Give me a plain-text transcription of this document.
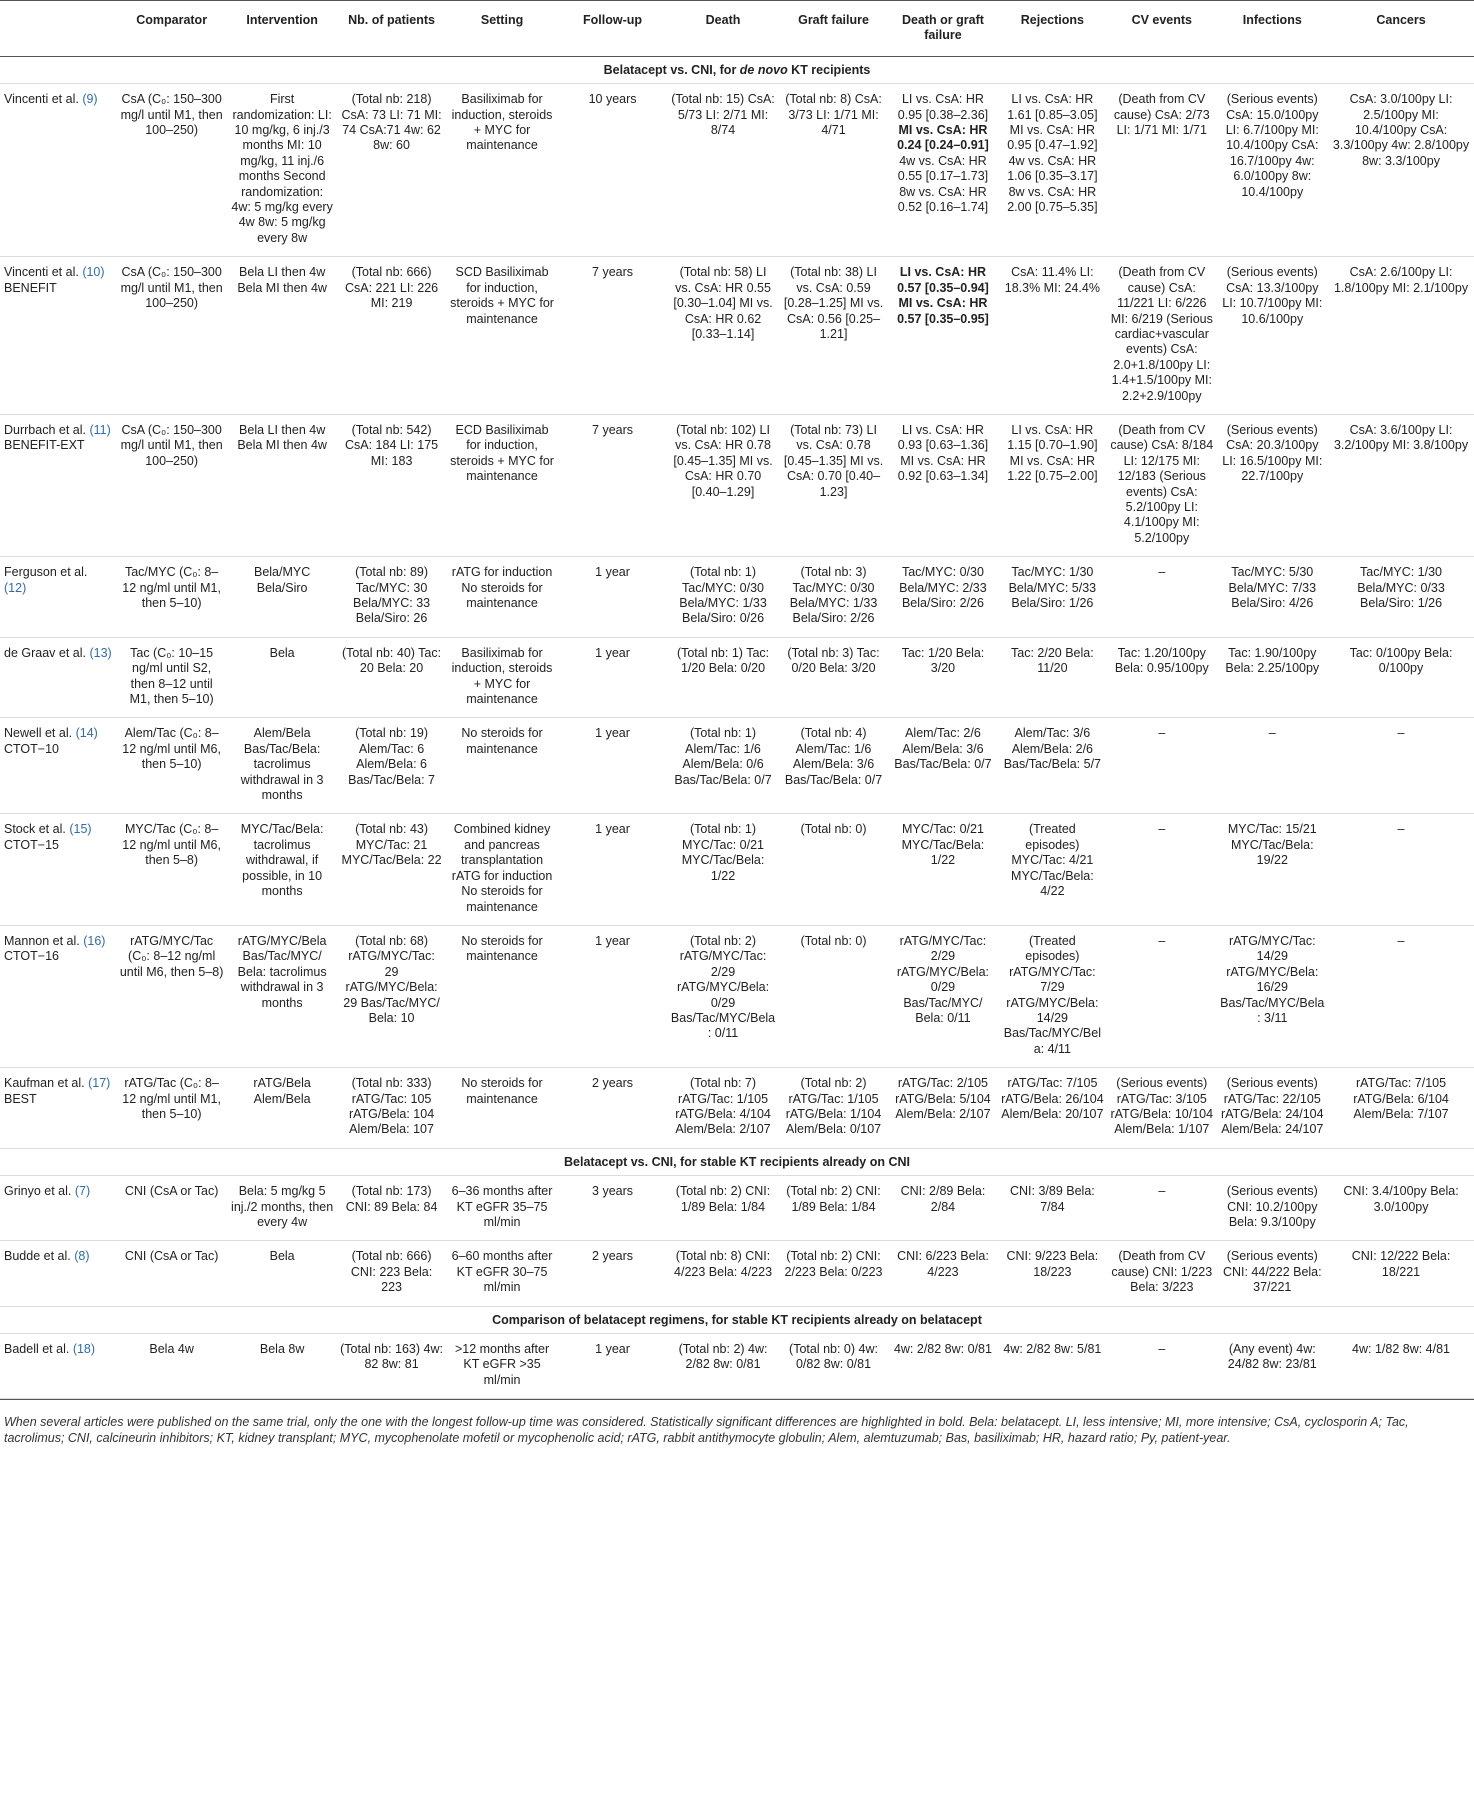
	Comparator	Intervention	Nb. of patients	Setting	Follow-up	Death	Graft failure	Death or graft failure	Rejections	CV events	Infections	Cancers
Belatacept vs. CNI, for de novo KT recipients												
Vincenti et al. (9)	CsA (C₀: 150–300 mg/l until M1, then 100–250)	First randomization: LI: 10 mg/kg, 6 inj./3 months MI: 10 mg/kg, 11 inj./6 months Second randomization: 4w: 5 mg/kg every 4w 8w: 5 mg/kg every 8w	(Total nb: 218) CsA: 73 LI: 71 MI: 74 CsA:71 4w: 62 8w: 60	Basiliximab for induction, steroids + MYC for maintenance	10 years	(Total nb: 15) CsA: 5/73 LI: 2/71 MI: 8/74	(Total nb: 8) CsA: 3/73 LI: 1/71 MI: 4/71	LI vs. CsA: HR 0.95 [0.38–2.36] MI vs. CsA: HR 0.24 [0.24–0.91] 4w vs. CsA: HR 0.55 [0.17–1.73] 8w vs. CsA: HR 0.52 [0.16–1.74]	LI vs. CsA: HR 1.61 [0.85–3.05] MI vs. CsA: HR 0.95 [0.47–1.92] 4w vs. CsA: HR 1.06 [0.35–3.17] 8w vs. CsA: HR 2.00 [0.75–5.35]	(Death from CV cause) CsA: 2/73 LI: 1/71 MI: 1/71	(Serious events) CsA: 15.0/100py LI: 6.7/100py MI: 10.4/100py CsA: 16.7/100py 4w: 6.0/100py 8w: 10.4/100py	CsA: 3.0/100py LI: 2.5/100py MI: 10.4/100py CsA: 3.3/100py 4w: 2.8/100py 8w: 3.3/100py
Vincenti et al. (10)
BENEFIT	CsA (C₀: 150–300 mg/l until M1, then 100–250)	Bela LI then 4w Bela MI then 4w	(Total nb: 666) CsA: 221 LI: 226 MI: 219	SCD Basiliximab for induction, steroids + MYC for maintenance	7 years	(Total nb: 58) LI vs. CsA: HR 0.55 [0.30–1.04] MI vs. CsA: HR 0.62 [0.33–1.14]	(Total nb: 38) LI vs. CsA: 0.59 [0.28–1.25] MI vs. CsA: 0.56 [0.25–1.21]	LI vs. CsA: HR 0.57 [0.35–0.94] MI vs. CsA: HR 0.57 [0.35–0.95]	CsA: 11.4% LI: 18.3% MI: 24.4%	(Death from CV cause) CsA: 11/221 LI: 6/226 MI: 6/219 (Serious cardiac+vascular events) CsA: 2.0+1.8/100py LI: 1.4+1.5/100py MI: 2.2+2.9/100py	(Serious events) CsA: 13.3/100py LI: 10.7/100py MI: 10.6/100py	CsA: 2.6/100py LI: 1.8/100py MI: 2.1/100py
Durrbach et al. (11)
BENEFIT-EXT	CsA (C₀: 150–300 mg/l until M1, then 100–250)	Bela LI then 4w Bela MI then 4w	(Total nb: 542) CsA: 184 LI: 175 MI: 183	ECD Basiliximab for induction, steroids + MYC for maintenance	7 years	(Total nb: 102) LI vs. CsA: HR 0.78 [0.45–1.35] MI vs. CsA: HR 0.70 [0.40–1.29]	(Total nb: 73) LI vs. CsA: 0.78 [0.45–1.35] MI vs. CsA: 0.70 [0.40–1.23]	LI vs. CsA: HR 0.93 [0.63–1.36] MI vs. CsA: HR 0.92 [0.63–1.34]	LI vs. CsA: HR 1.15 [0.70–1.90] MI vs. CsA: HR 1.22 [0.75–2.00]	(Death from CV cause) CsA: 8/184 LI: 12/175 MI: 12/183 (Serious events) CsA: 5.2/100py LI: 4.1/100py MI: 5.2/100py	(Serious events) CsA: 20.3/100py LI: 16.5/100py MI: 22.7/100py	CsA: 3.6/100py LI: 3.2/100py MI: 3.8/100py
Ferguson et al. (12)	Tac/MYC (C₀: 8–12 ng/ml until M1, then 5–10)	Bela/MYC Bela/Siro	(Total nb: 89) Tac/MYC: 30 Bela/MYC: 33 Bela/Siro: 26	rATG for induction No steroids for maintenance	1 year	(Total nb: 1) Tac/MYC: 0/30 Bela/MYC: 1/33 Bela/Siro: 0/26	(Total nb: 3) Tac/MYC: 0/30 Bela/MYC: 1/33 Bela/Siro: 2/26	Tac/MYC: 0/30 Bela/MYC: 2/33 Bela/Siro: 2/26	Tac/MYC: 1/30 Bela/MYC: 5/33 Bela/Siro: 1/26	–	Tac/MYC: 5/30 Bela/MYC: 7/33 Bela/Siro: 4/26	Tac/MYC: 1/30 Bela/MYC: 0/33 Bela/Siro: 1/26
de Graav et al. (13)	Tac (C₀: 10–15 ng/ml until S2, then 8–12 until M1, then 5–10)	Bela	(Total nb: 40) Tac: 20 Bela: 20	Basiliximab for induction, steroids + MYC for maintenance	1 year	(Total nb: 1) Tac: 1/20 Bela: 0/20	(Total nb: 3) Tac: 0/20 Bela: 3/20	Tac: 1/20 Bela: 3/20	Tac: 2/20 Bela: 11/20	Tac: 1.20/100py Bela: 0.95/100py	Tac: 1.90/100py Bela: 2.25/100py	Tac: 0/100py Bela: 0/100py
Newell et al. (14)
CTOT−10	Alem/Tac (C₀: 8–12 ng/ml until M6, then 5–10)	Alem/Bela Bas/Tac/Bela: tacrolimus withdrawal in 3 months	(Total nb: 19) Alem/Tac: 6 Alem/Bela: 6 Bas/Tac/Bela: 7	No steroids for maintenance	1 year	(Total nb: 1) Alem/Tac: 1/6 Alem/Bela: 0/6 Bas/Tac/Bela: 0/7	(Total nb: 4) Alem/Tac: 1/6 Alem/Bela: 3/6 Bas/Tac/Bela: 0/7	Alem/Tac: 2/6 Alem/Bela: 3/6 Bas/Tac/Bela: 0/7	Alem/Tac: 3/6 Alem/Bela: 2/6 Bas/Tac/Bela: 5/7	–	–	–
Stock et al. (15)
CTOT−15	MYC/Tac (C₀: 8–12 ng/ml until M6, then 5–8)	MYC/Tac/Bela: tacrolimus withdrawal, if possible, in 10 months	(Total nb: 43) MYC/Tac: 21 MYC/Tac/Bela: 22	Combined kidney and pancreas transplantation rATG for induction No steroids for maintenance	1 year	(Total nb: 1) MYC/Tac: 0/21 MYC/Tac/Bela: 1/22	(Total nb: 0)	MYC/Tac: 0/21 MYC/Tac/Bela: 1/22	(Treated episodes) MYC/Tac: 4/21 MYC/Tac/Bela: 4/22	–	MYC/Tac: 15/21 MYC/Tac/Bela: 19/22	–
Mannon et al. (16)
CTOT−16	rATG/MYC/Tac (C₀: 8–12 ng/ml until M6, then 5–8)	rATG/MYC/Bela Bas/Tac/MYC/ Bela: tacrolimus withdrawal in 3 months	(Total nb: 68) rATG/MYC/Tac: 29 rATG/MYC/Bela: 29 Bas/Tac/MYC/ Bela: 10	No steroids for maintenance	1 year	(Total nb: 2) rATG/MYC/Tac: 2/29 rATG/MYC/Bela: 0/29 Bas/Tac/MYC/Bela: 0/11	(Total nb: 0)	rATG/MYC/Tac: 2/29 rATG/MYC/Bela: 0/29 Bas/Tac/MYC/ Bela: 0/11	(Treated episodes) rATG/MYC/Tac: 7/29 rATG/MYC/Bela: 14/29 Bas/Tac/MYC/Bela: 4/11	–	rATG/MYC/Tac: 14/29 rATG/MYC/Bela: 16/29 Bas/Tac/MYC/Bela: 3/11	–
Kaufman et al. (17)
BEST	rATG/Tac (C₀: 8–12 ng/ml until M1, then 5–10)	rATG/Bela Alem/Bela	(Total nb: 333) rATG/Tac: 105 rATG/Bela: 104 Alem/Bela: 107	No steroids for maintenance	2 years	(Total nb: 7) rATG/Tac: 1/105 rATG/Bela: 4/104 Alem/Bela: 2/107	(Total nb: 2) rATG/Tac: 1/105 rATG/Bela: 1/104 Alem/Bela: 0/107	rATG/Tac: 2/105 rATG/Bela: 5/104 Alem/Bela: 2/107	rATG/Tac: 7/105 rATG/Bela: 26/104 Alem/Bela: 20/107	(Serious events) rATG/Tac: 3/105 rATG/Bela: 10/104 Alem/Bela: 1/107	(Serious events) rATG/Tac: 22/105 rATG/Bela: 24/104 Alem/Bela: 24/107	rATG/Tac: 7/105 rATG/Bela: 6/104 Alem/Bela: 7/107
Belatacept vs. CNI, for stable KT recipients already on CNI												
Grinyo et al. (7)	CNI (CsA or Tac)	Bela: 5 mg/kg 5 inj./2 months, then every 4w	(Total nb: 173) CNI: 89 Bela: 84	6–36 months after KT eGFR 35–75 ml/min	3 years	(Total nb: 2) CNI: 1/89 Bela: 1/84	(Total nb: 2) CNI: 1/89 Bela: 1/84	CNI: 2/89 Bela: 2/84	CNI: 3/89 Bela: 7/84	–	(Serious events) CNI: 10.2/100py Bela: 9.3/100py	CNI: 3.4/100py Bela: 3.0/100py
Budde et al. (8)	CNI (CsA or Tac)	Bela	(Total nb: 666) CNI: 223 Bela: 223	6–60 months after KT eGFR 30–75 ml/min	2 years	(Total nb: 8) CNI: 4/223 Bela: 4/223	(Total nb: 2) CNI: 2/223 Bela: 0/223	CNI: 6/223 Bela: 4/223	CNI: 9/223 Bela: 18/223	(Death from CV cause) CNI: 1/223 Bela: 3/223	(Serious events) CNI: 44/222 Bela: 37/221	CNI: 12/222 Bela: 18/221
Comparison of belatacept regimens, for stable KT recipients already on belatacept												
Badell et al. (18)	Bela 4w	Bela 8w	(Total nb: 163) 4w: 82 8w: 81	>12 months after KT eGFR >35 ml/min	1 year	(Total nb: 2) 4w: 2/82 8w: 0/81	(Total nb: 0) 4w: 0/82 8w: 0/81	4w: 2/82 8w: 0/81	4w: 2/82 8w: 5/81	–	(Any event) 4w: 24/82 8w: 23/81	4w: 1/82 8w: 4/81
When several articles were published on the same trial, only the one with the longest follow-up time was considered. Statistically significant differences are highlighted in bold. Bela: belatacept. LI, less intensive; MI, more intensive; CsA, cyclosporin A; Tac, tacrolimus; CNI, calcineurin inhibitors; KT, kidney transplant; MYC, mycophenolate mofetil or mycophenolic acid; rATG, rabbit antithymocyte globulin; Alem, alemtuzumab; Bas, basiliximab; HR, hazard ratio; Py, patient-year.
